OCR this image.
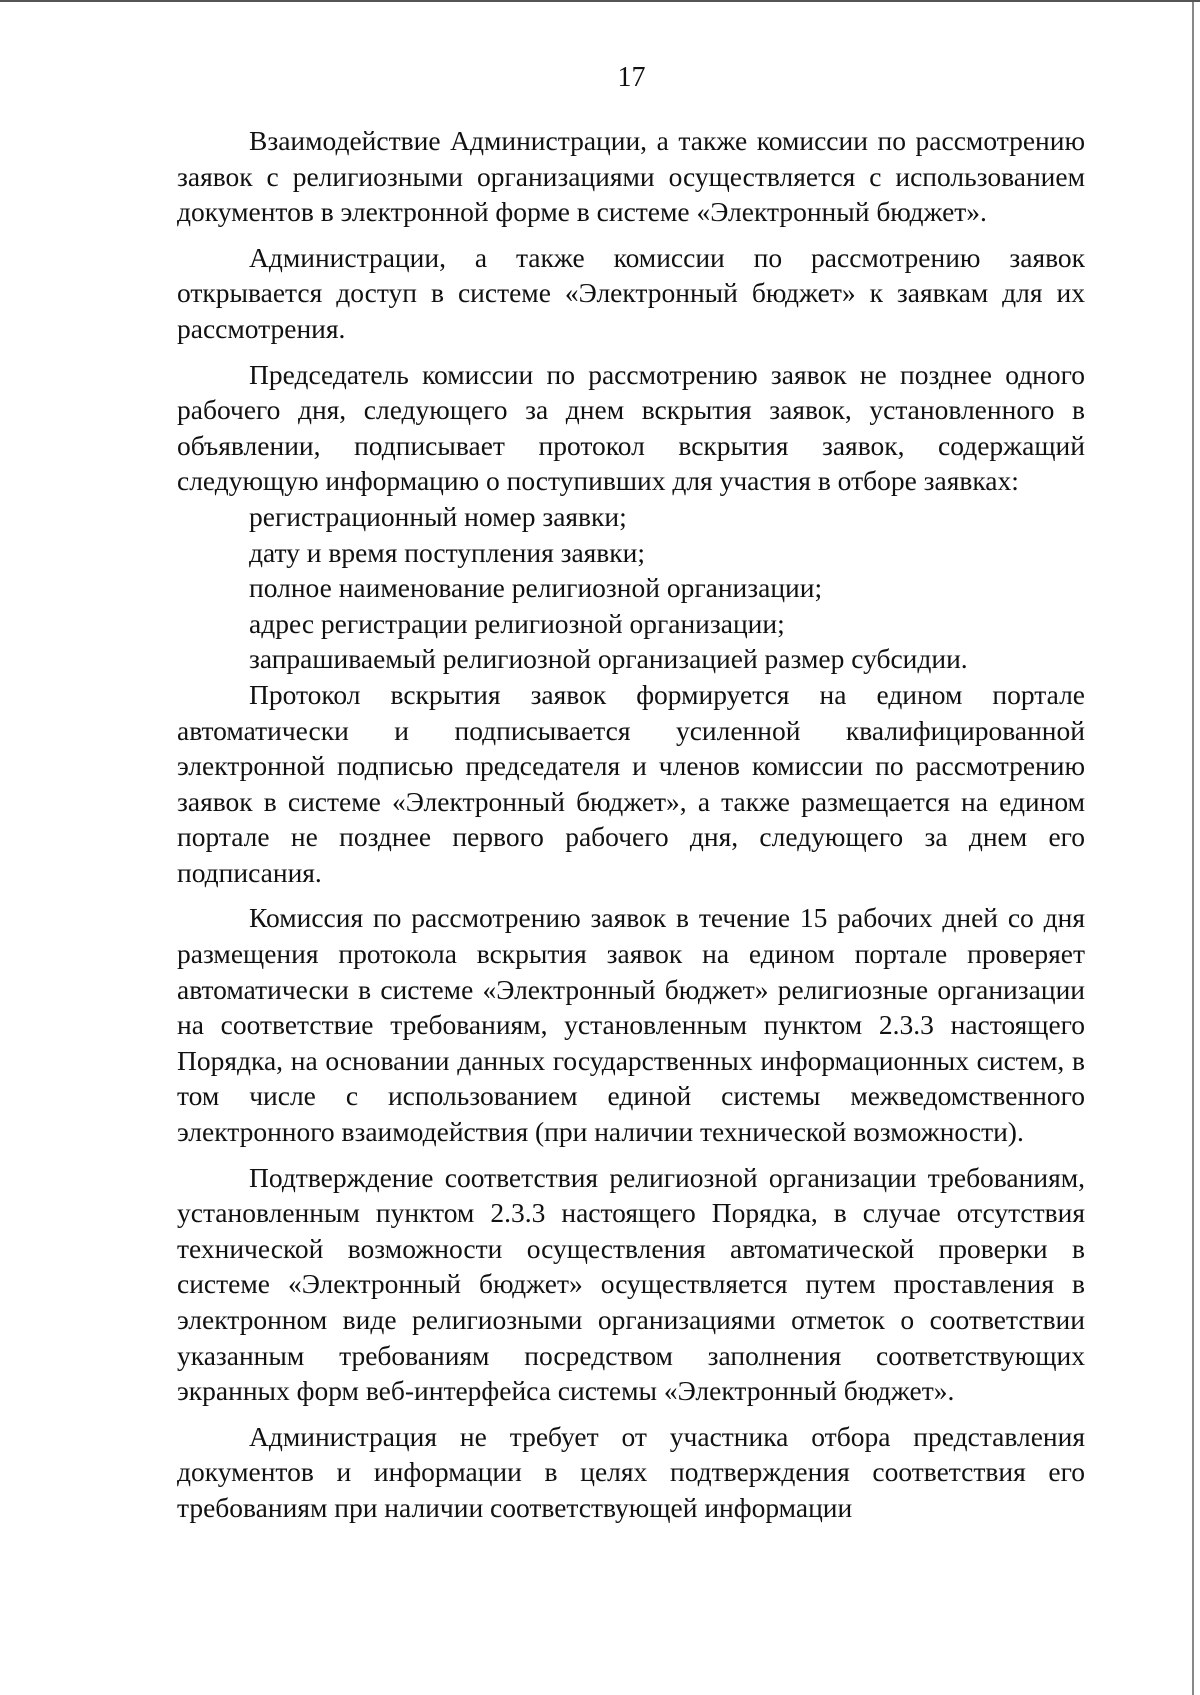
17

Взаимодействие Администрации, а также комиссии по рассмотрению заявок с религиозными организациями осуществляется с использованием документов в электронной форме в системе «Электронный бюджет».

Администрации, а также комиссии по рассмотрению заявок открывается доступ в системе «Электронный бюджет» к заявкам для их рассмотрения.

Председатель комиссии по рассмотрению заявок не позднее одного рабочего дня, следующего за днем вскрытия заявок, установленного в объявлении, подписывает протокол вскрытия заявок, содержащий следующую информацию о поступивших для участия в отборе заявках:

регистрационный номер заявки;

дату и время поступления заявки;

полное наименование религиозной организации;

адрес регистрации религиозной организации;

запрашиваемый религиозной организацией размер субсидии.

Протокол вскрытия заявок формируется на едином портале автоматически и подписывается усиленной квалифицированной электронной подписью председателя и членов комиссии по рассмотрению заявок в системе «Электронный бюджет», а также размещается на едином портале не позднее первого рабочего дня, следующего за днем его подписания.

Комиссия по рассмотрению заявок в течение 15 рабочих дней со дня размещения протокола вскрытия заявок на едином портале проверяет автоматически в системе «Электронный бюджет» религиозные организации на соответствие требованиям, установленным пунктом 2.3.3 настоящего Порядка, на основании данных государственных информационных систем, в том числе с использованием единой системы межведомственного электронного взаимодействия (при наличии технической возможности).

Подтверждение соответствия религиозной организации требованиям, установленным пунктом 2.3.3 настоящего Порядка, в случае отсутствия технической возможности осуществления автоматической проверки в системе «Электронный бюджет» осуществляется путем проставления в электронном виде религиозными организациями отметок о соответствии указанным требованиям посредством заполнения соответствующих экранных форм веб-интерфейса системы «Электронный бюджет».

Администрация не требует от участника отбора представления документов и информации в целях подтверждения соответствия его требованиям при наличии соответствующей информации
